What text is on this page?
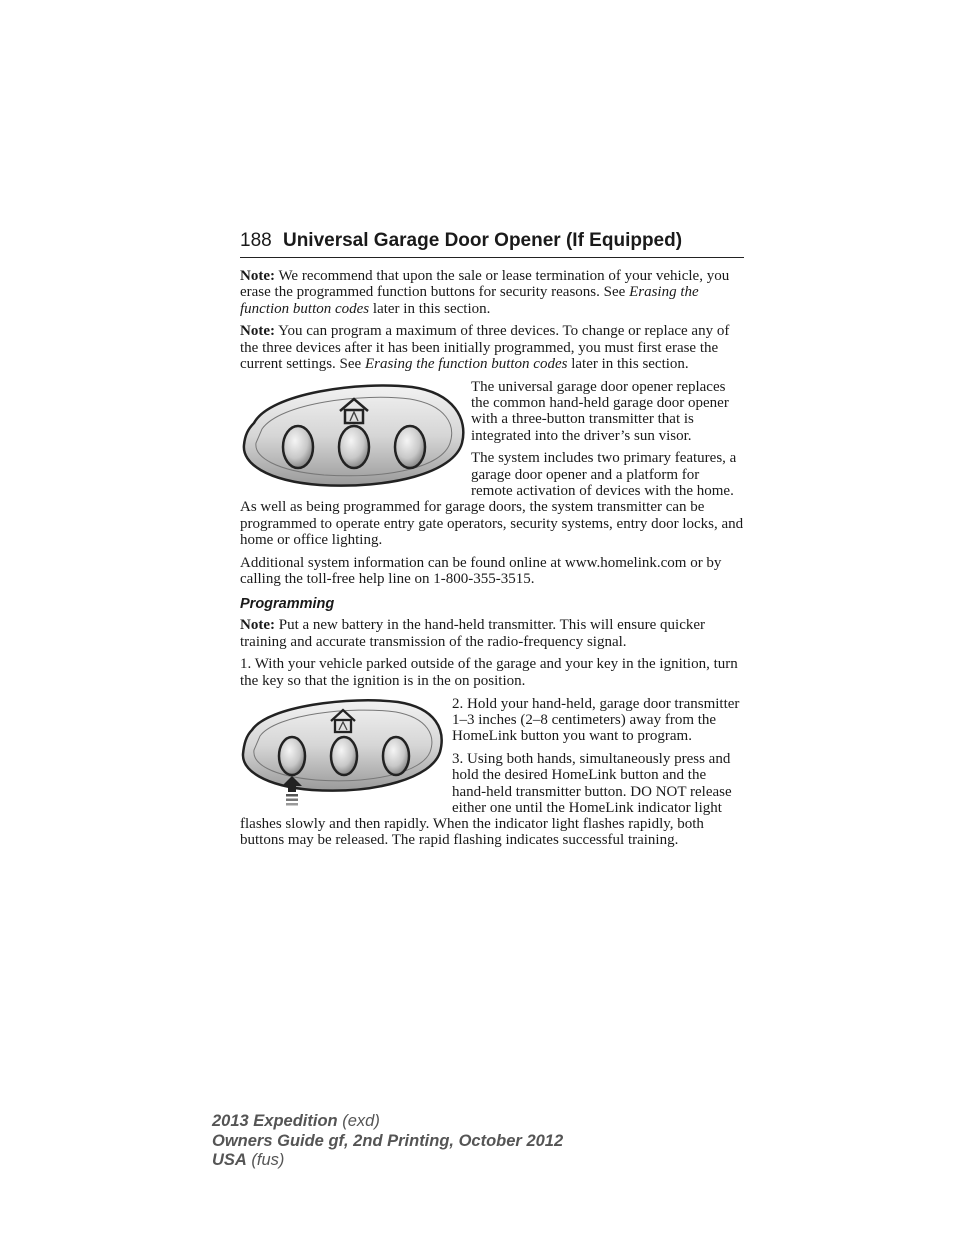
188 Universal Garage Door Opener (If Equipped)

Note: We recommend that upon the sale or lease termination of your vehicle, you erase the programmed function buttons for security reasons. See Erasing the function button codes later in this section.

Note: You can program a maximum of three devices. To change or replace any of the three devices after it has been initially programmed, you must first erase the current settings. See Erasing the function button codes later in this section.

The universal garage door opener replaces the common hand-held garage door opener with a three-button transmitter that is integrated into the driver’s sun visor.

The system includes two primary features, a garage door opener and a platform for remote activation of devices with the home. As well as being programmed for garage doors, the system transmitter can be programmed to operate entry gate operators, security systems, entry door locks, and home or office lighting.

Additional system information can be found online at www.homelink.com or by calling the toll-free help line on 1-800-355-3515.

Programming

Note: Put a new battery in the hand-held transmitter. This will ensure quicker training and accurate transmission of the radio-frequency signal.

1. With your vehicle parked outside of the garage and your key in the ignition, turn the key so that the ignition is in the on position.

2. Hold your hand-held, garage door transmitter 1–3 inches (2–8 centimeters) away from the HomeLink button you want to program.

3. Using both hands, simultaneously press and hold the desired HomeLink button and the hand-held transmitter button. DO NOT release either one until the HomeLink indicator light flashes slowly and then rapidly. When the indicator light flashes rapidly, both buttons may be released. The rapid flashing indicates successful training.

2013 Expedition (exd)
Owners Guide gf, 2nd Printing, October 2012
USA (fus)
